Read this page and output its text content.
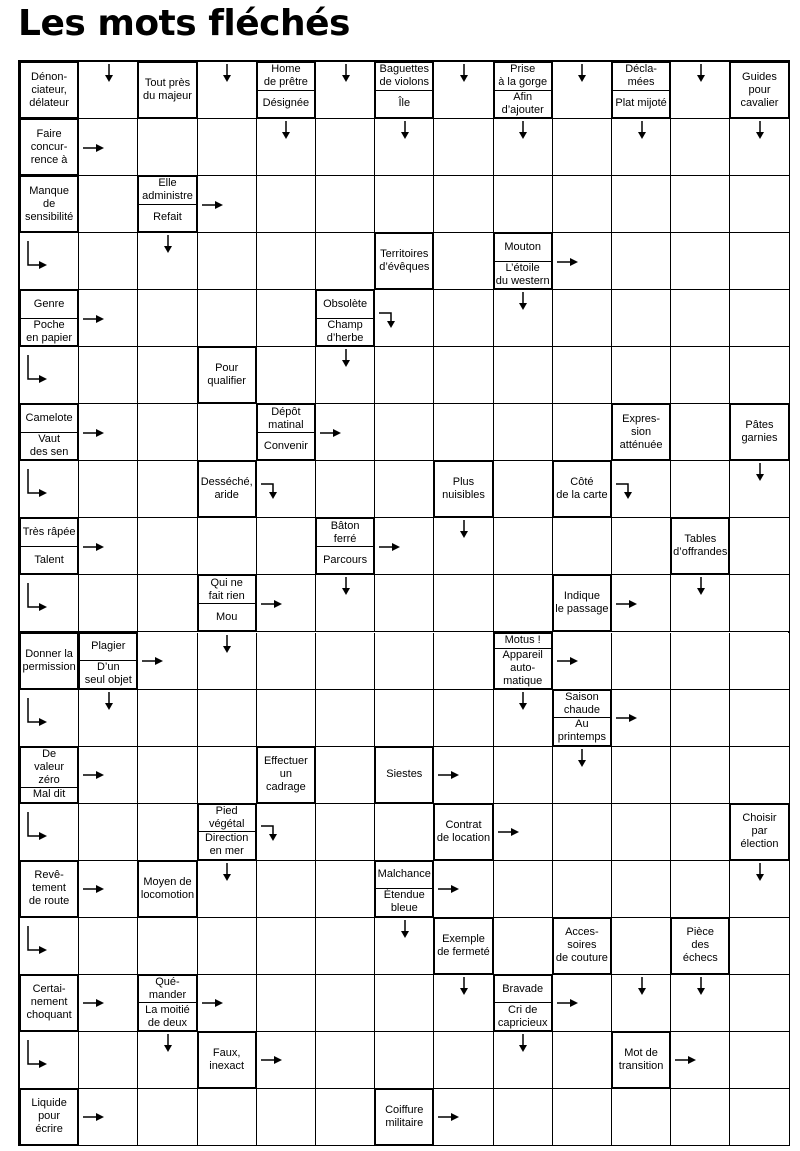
Les mots fléchés
Dénon-
ciateur,
délateur
Tout près
du majeur
Home
de prêtre
Désignée
Baguettes
de violons
Île
Prise
à la gorge
Afin
d’ajouter
Décla-
mées
Plat mijoté
Guides
pour
cavalier
Faire
concur-
rence à
Manque
de
sensibilité
Elle
administre
Refait
Territoires
d’évêques
Mouton
L’étoile
du western
Genre
Poche
en papier
Obsolète
Champ
d’herbe
Pour
qualifier
Camelote
Vaut
des sen
Dépôt
matinal
Convenir
Expres-
sion
atténuée
Pâtes
garnies
Desséché,
aride
Plus
nuisibles
Côté
de la carte
Très râpée
Talent
Bâton
ferré
Parcours
Tables
d’offrandes
Qui ne
fait rien
Mou
Indique
le passage
Donner la
permission
Plagier
D’un
seul objet
Motus !
Appareil
auto-
matique
Saison
chaude
Au
printemps
De
valeur
zéro
Mal dit
Effectuer
un
cadrage
Siestes
Pied
végétal
Direction
en mer
Contrat
de location
Choisir
par
élection
Revê-
tement
de route
Moyen de
locomotion
Malchance
Étendue
bleue
Exemple
de fermeté
Acces-
soires
de couture
Pièce
des
échecs
Certai-
nement
choquant
Qué-
mander
La moitié
de deux
Bravade
Cri de
capricieux
Faux,
inexact
Mot de
transition
Liquide
pour
écrire
Coiffure
militaire
